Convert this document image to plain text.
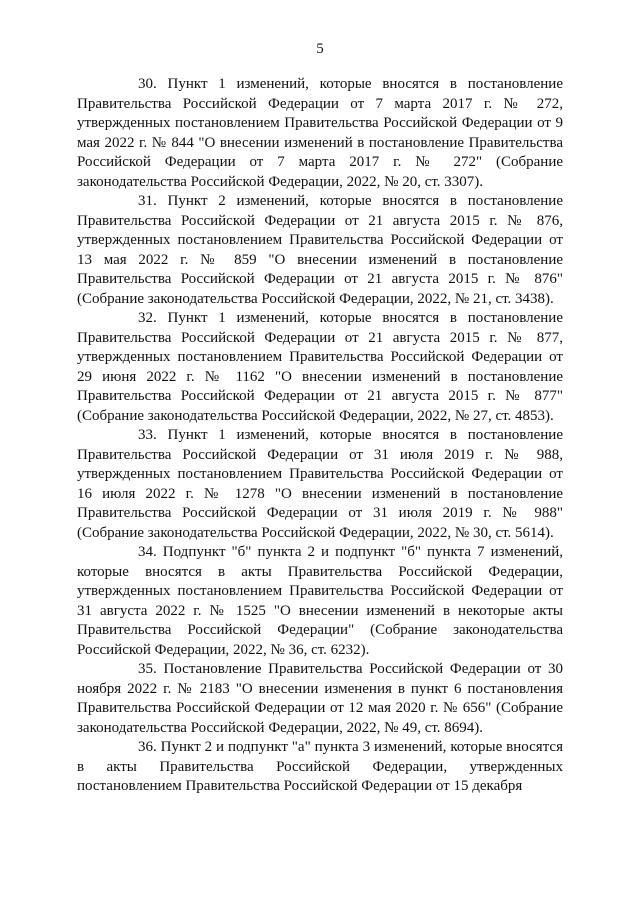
5

30. Пункт 1 изменений, которые вносятся в постановление Правительства Российской Федерации от 7 марта 2017 г. № 272, утвержденных постановлением Правительства Российской Федерации от 9 мая 2022 г. № 844 "О внесении изменений в постановление Правительства Российской Федерации от 7 марта 2017 г. № 272" (Собрание законодательства Российской Федерации, 2022, № 20, ст. 3307).

31. Пункт 2 изменений, которые вносятся в постановление Правительства Российской Федерации от 21 августа 2015 г. № 876, утвержденных постановлением Правительства Российской Федерации от 13 мая 2022 г. № 859 "О внесении изменений в постановление Правительства Российской Федерации от 21 августа 2015 г. № 876" (Собрание законодательства Российской Федерации, 2022, № 21, ст. 3438).

32. Пункт 1 изменений, которые вносятся в постановление Правительства Российской Федерации от 21 августа 2015 г. № 877, утвержденных постановлением Правительства Российской Федерации от 29 июня 2022 г. № 1162 "О внесении изменений в постановление Правительства Российской Федерации от 21 августа 2015 г. № 877" (Собрание законодательства Российской Федерации, 2022, № 27, ст. 4853).

33. Пункт 1 изменений, которые вносятся в постановление Правительства Российской Федерации от 31 июля 2019 г. № 988, утвержденных постановлением Правительства Российской Федерации от 16 июля 2022 г. № 1278 "О внесении изменений в постановление Правительства Российской Федерации от 31 июля 2019 г. № 988" (Собрание законодательства Российской Федерации, 2022, № 30, ст. 5614).

34. Подпункт "б" пункта 2 и подпункт "б" пункта 7 изменений, которые вносятся в акты Правительства Российской Федерации, утвержденных постановлением Правительства Российской Федерации от 31 августа 2022 г. № 1525 "О внесении изменений в некоторые акты Правительства Российской Федерации" (Собрание законодательства Российской Федерации, 2022, № 36, ст. 6232).

35. Постановление Правительства Российской Федерации от 30 ноября 2022 г. № 2183 "О внесении изменения в пункт 6 постановления Правительства Российской Федерации от 12 мая 2020 г. № 656" (Собрание законодательства Российской Федерации, 2022, № 49, ст. 8694).

36. Пункт 2 и подпункт "а" пункта 3 изменений, которые вносятся в акты Правительства Российской Федерации, утвержденных постановлением Правительства Российской Федерации от 15 декабря
